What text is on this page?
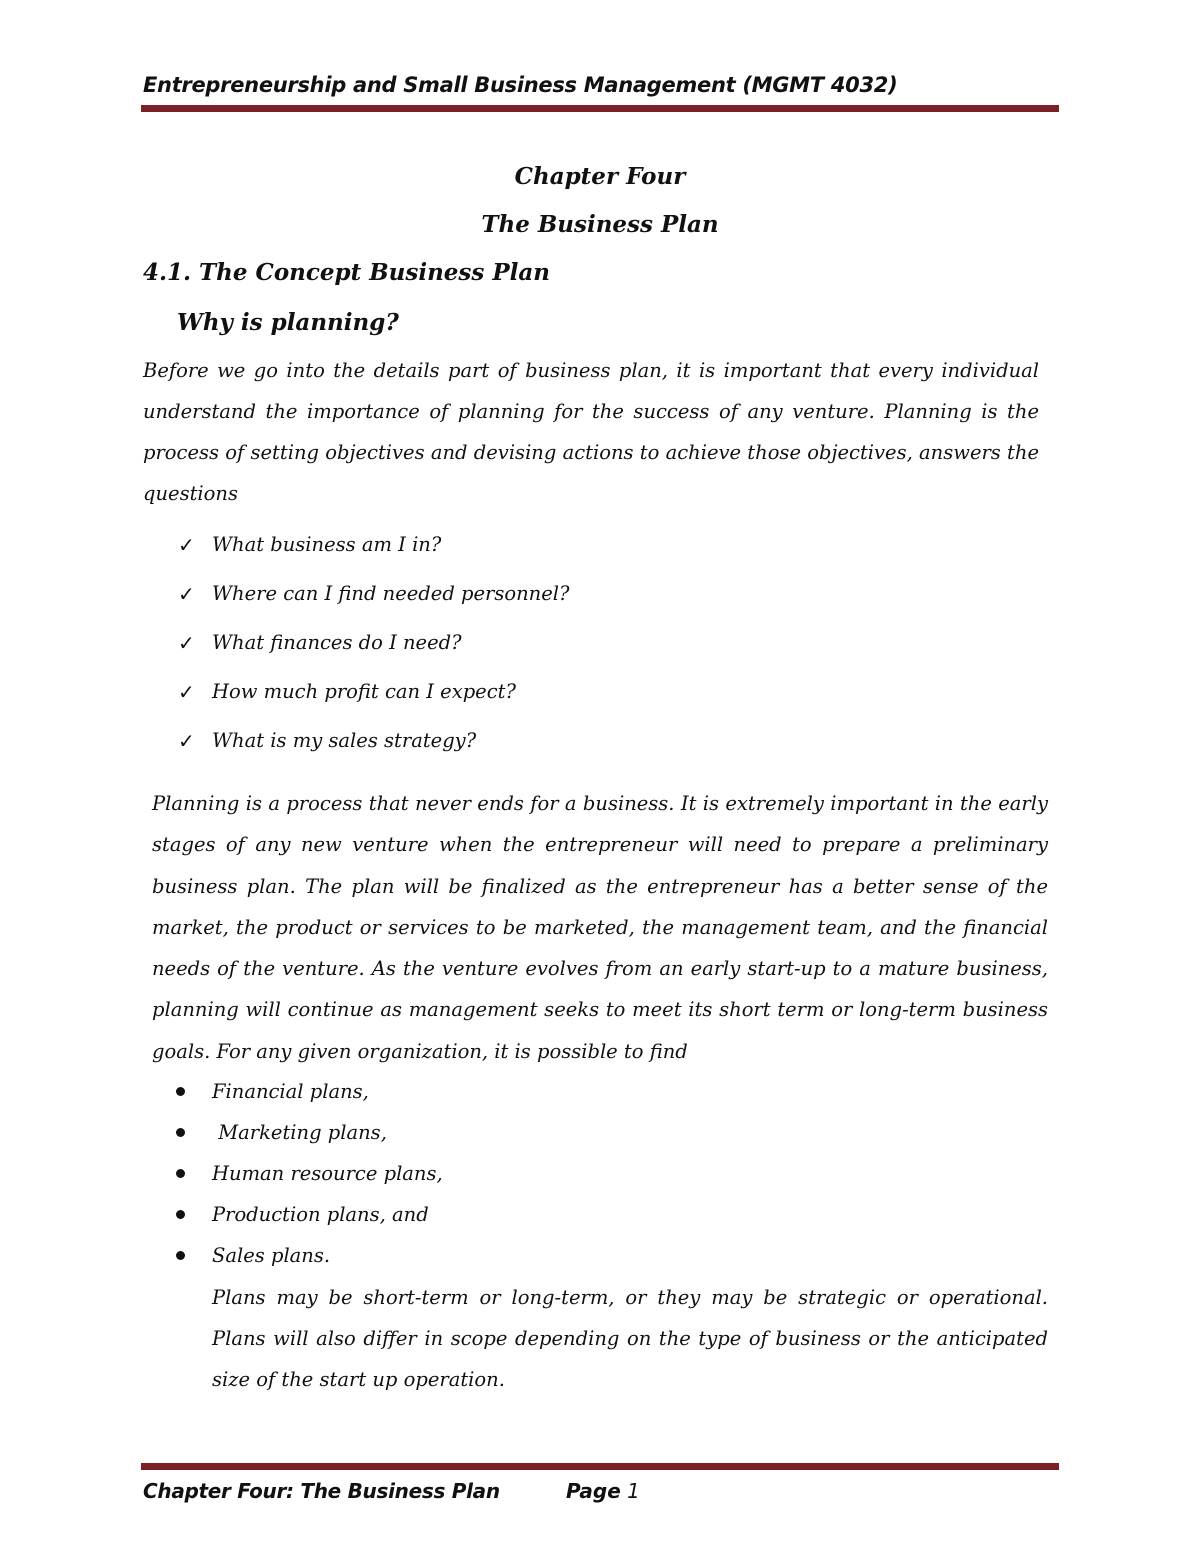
Entrepreneurship and Small Business Management (MGMT 4032)
Chapter Four
The Business Plan
4.1. The Concept Business Plan
Why is planning?
Before we go into the details part of business plan, it is important that every individual understand the importance of planning for the success of any venture. Planning is the process of setting objectives and devising actions to achieve those objectives, answers the questions
✓ What business am I in?
✓ Where can I find needed personnel?
✓ What finances do I need?
✓ How much profit can I expect?
✓ What is my sales strategy?
Planning is a process that never ends for a business. It is extremely important in the early stages of any new venture when the entrepreneur will need to prepare a preliminary business plan. The plan will be finalized as the entrepreneur has a better sense of the market, the product or services to be marketed, the management team, and the financial needs of the venture. As the venture evolves from an early start-up to a mature business, planning will continue as management seeks to meet its short term or long-term business goals. For any given organization, it is possible to find
Financial plans,
Marketing plans,
Human resource plans,
Production plans, and
Sales plans.
Plans may be short-term or long-term, or they may be strategic or operational. Plans will also differ in scope depending on the type of business or the anticipated size of the start up operation.
Chapter Four: The Business Plan	Page 1
